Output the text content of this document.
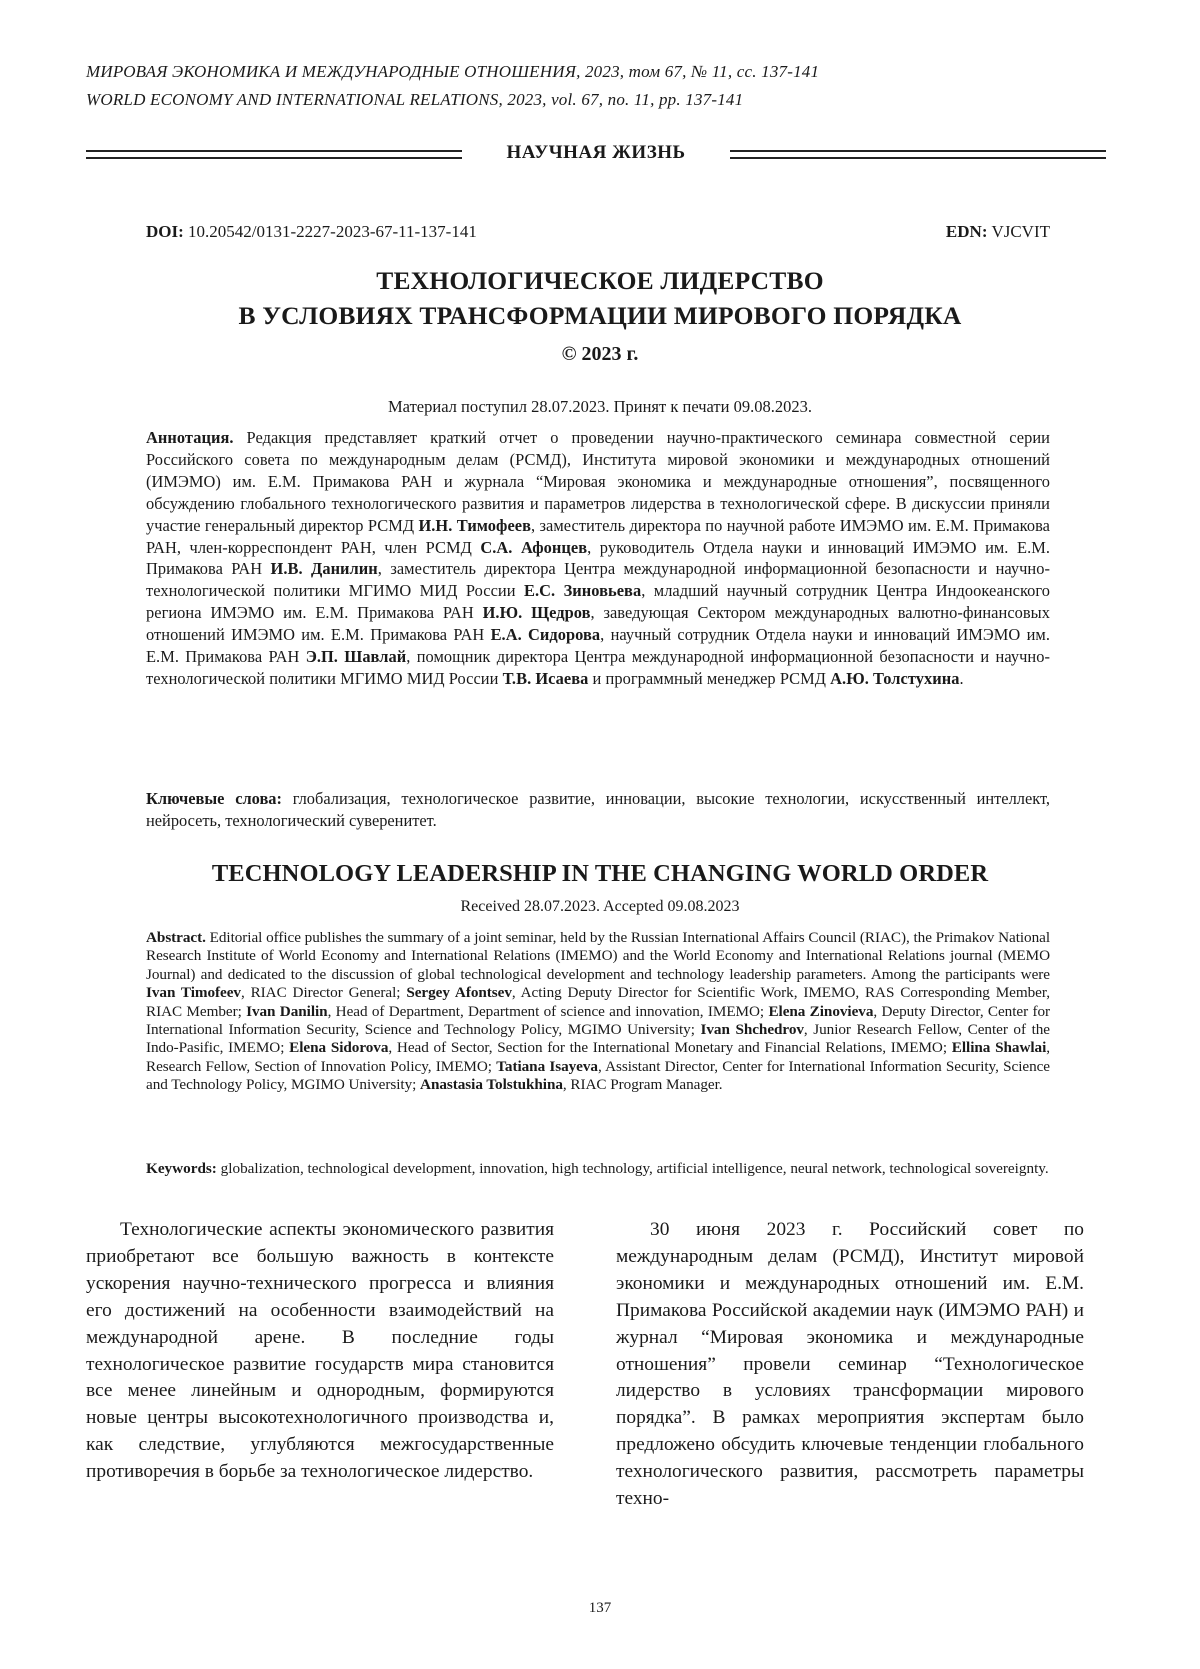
МИРОВАЯ ЭКОНОМИКА И МЕЖДУНАРОДНЫЕ ОТНОШЕНИЯ, 2023, том 67, № 11, сс. 137-141
WORLD ECONOMY AND INTERNATIONAL RELATIONS, 2023, vol. 67, no. 11, pp. 137-141
НАУЧНАЯ ЖИЗНЬ
DOI: 10.20542/0131-2227-2023-67-11-137-141	EDN: VJCVIT
ТЕХНОЛОГИЧЕСКОЕ ЛИДЕРСТВО
В УСЛОВИЯХ ТРАНСФОРМАЦИИ МИРОВОГО ПОРЯДКА
© 2023 г.
Материал поступил 28.07.2023. Принят к печати 09.08.2023.
Аннотация. Редакция представляет краткий отчет о проведении научно-практического семинара совместной серии Российского совета по международным делам (РСМД), Института мировой экономики и международных отношений (ИМЭМО) им. Е.М. Примакова РАН и журнала “Мировая экономика и международные отношения”, посвященного обсуждению глобального технологического развития и параметров лидерства в технологической сфере. В дискуссии приняли участие генеральный директор РСМД И.Н. Тимофеев, заместитель директора по научной работе ИМЭМО им. Е.М. Примакова РАН, член-корреспондент РАН, член РСМД С.А. Афонцев, руководитель Отдела науки и инноваций ИМЭМО им. Е.М. Примакова РАН И.В. Данилин, заместитель директора Центра международной информационной безопасности и научно-технологической политики МГИМО МИД России Е.С. Зиновьева, младший научный сотрудник Центра Индоокеанского региона ИМЭМО им. Е.М. Примакова РАН И.Ю. Щедров, заведующая Сектором международных валютно-финансовых отношений ИМЭМО им. Е.М. Примакова РАН Е.А. Сидорова, научный сотрудник Отдела науки и инноваций ИМЭМО им. Е.М. Примакова РАН Э.П. Шавлай, помощник директора Центра международной информационной безопасности и научно-технологической политики МГИМО МИД России Т.В. Исаева и программный менеджер РСМД А.Ю. Толстухина.
Ключевые слова: глобализация, технологическое развитие, инновации, высокие технологии, искусственный интеллект, нейросеть, технологический суверенитет.
TECHNOLOGY LEADERSHIP IN THE CHANGING WORLD ORDER
Received 28.07.2023. Accepted 09.08.2023
Abstract. Editorial office publishes the summary of a joint seminar, held by the Russian International Affairs Council (RIAC), the Primakov National Research Institute of World Economy and International Relations (IMEMO) and the World Economy and International Relations journal (MEMO Journal) and dedicated to the discussion of global technological development and technology leadership parameters. Among the participants were Ivan Timofeev, RIAC Director General; Sergey Afontsev, Acting Deputy Director for Scientific Work, IMEMO, RAS Corresponding Member, RIAC Member; Ivan Danilin, Head of Department, Department of science and innovation, IMEMO; Elena Zinovieva, Deputy Director, Center for International Information Security, Science and Technology Policy, MGIMO University; Ivan Shchedrov, Junior Research Fellow, Center of the Indo-Pasific, IMEMO; Elena Sidorova, Head of Sector, Section for the International Monetary and Financial Relations, IMEMO; Ellina Shawlai, Research Fellow, Section of Innovation Policy, IMEMO; Tatiana Isayeva, Assistant Director, Center for International Information Security, Science and Technology Policy, MGIMO University; Anastasia Tolstukhina, RIAC Program Manager.
Keywords: globalization, technological development, innovation, high technology, artificial intelligence, neural network, technological sovereignty.

Технологические аспекты экономического развития приобретают все большую важность в контексте ускорения научно-технического прогресса и влияния его достижений на особенности взаимодействий на международной арене. В последние годы технологическое развитие государств мира становится все менее линейным и однородным, формируются новые центры высокотехнологичного производства и, как следствие, углубляются межгосударственные противоречия в борьбе за технологическое лидерство.

30 июня 2023 г. Российский совет по международным делам (РСМД), Институт мировой экономики и международных отношений им. Е.М. Примакова Российской академии наук (ИМЭМО РАН) и журнал “Мировая экономика и международные отношения” провели семинар “Технологическое лидерство в условиях трансформации мирового порядка”. В рамках мероприятия экспертам было предложено обсудить ключевые тенденции глобального технологического развития, рассмотреть параметры техно-

137
